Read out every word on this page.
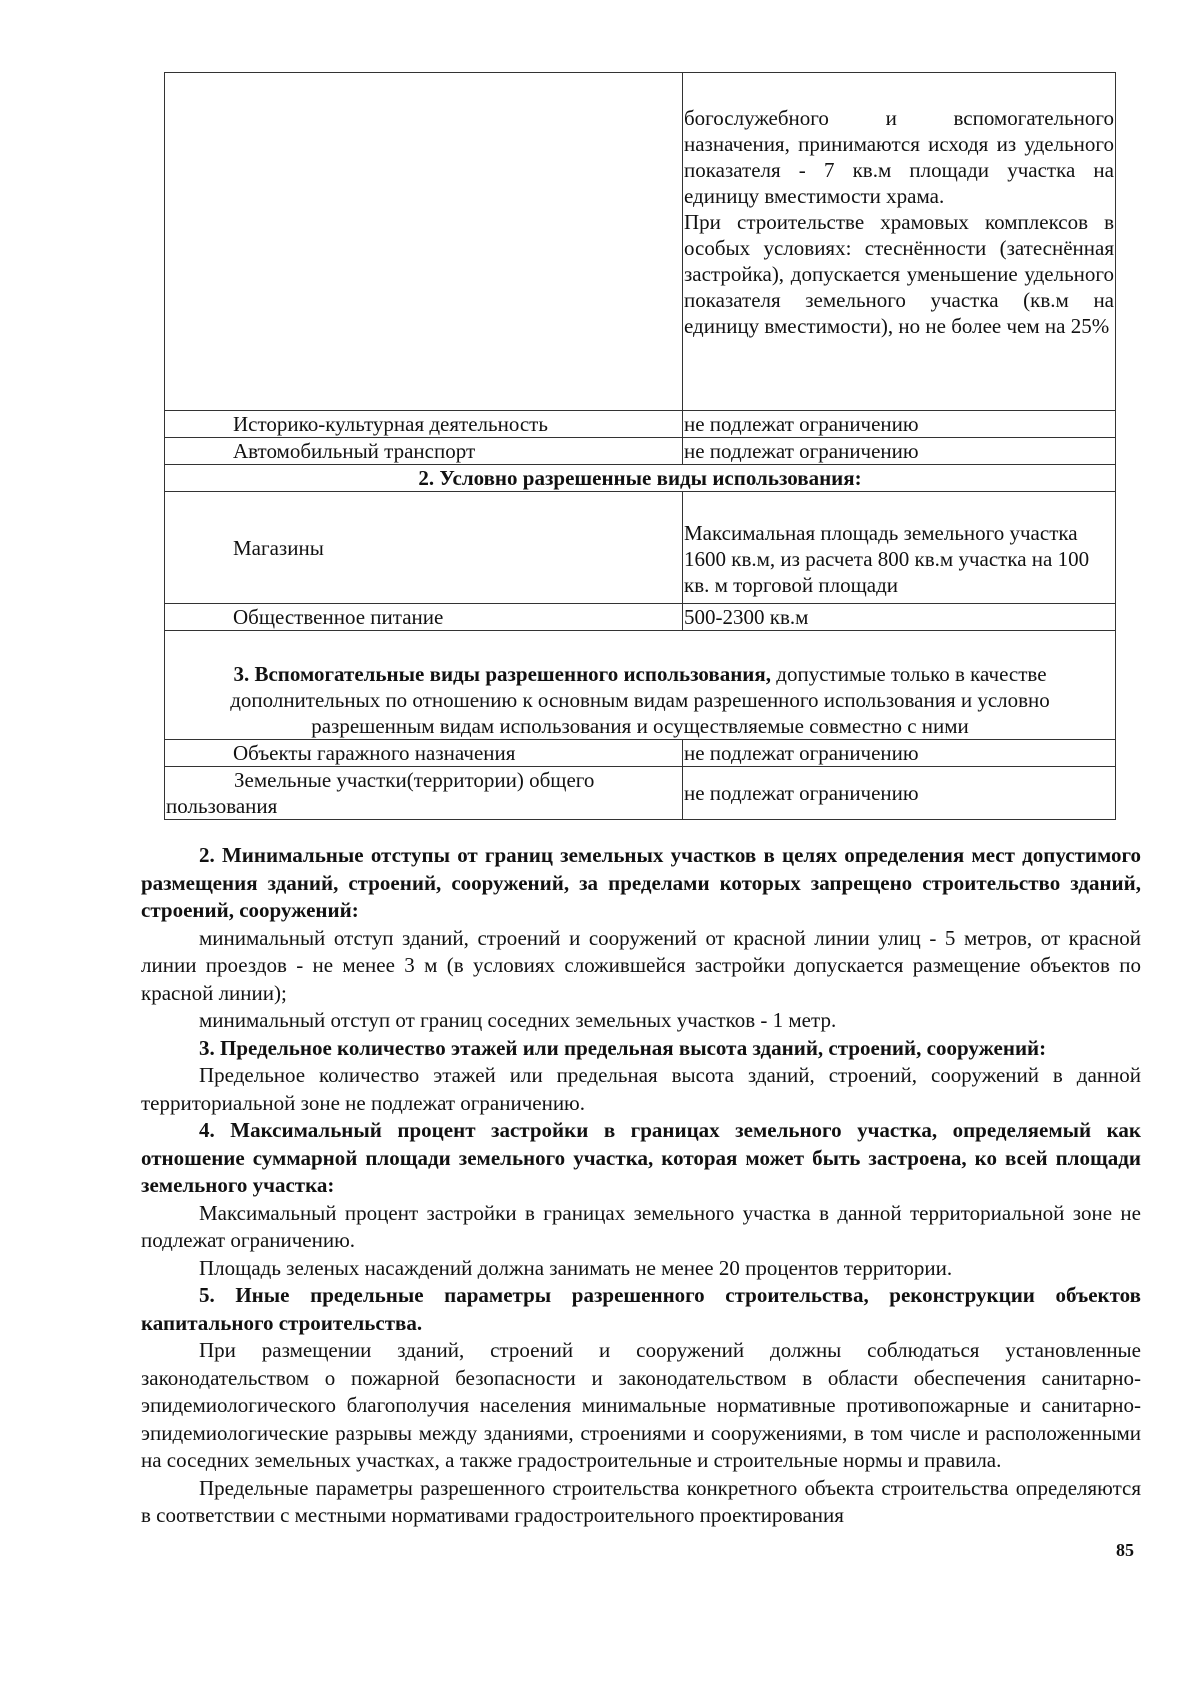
	богослужебного и вспомогательного назначения, принимаются исходя из удельного показателя - 7 кв.м площади участка на единицу вместимости храма.
При строительстве храмовых комплексов в особых условиях: стеснённости (затеснённая застройка), допускается уменьшение удельного показателя земельного участка (кв.м на единицу вместимости), но не более чем на 25%

Историко-культурная деятельность	не подлежат ограничению
Автомобильный транспорт	не подлежат ограничению
2. Условно разрешенные виды использования:	
Магазины	Максимальная площадь земельного участка 1600 кв.м, из расчета 800 кв.м участка на 100 кв. м торговой площади
Общественное питание	500-2300 кв.м
3. Вспомогательные виды разрешенного использования, допустимые только в качестве дополнительных по отношению к основным видам разрешенного использования и условно разрешенным видам использования и осуществляемые совместно с ними	
Объекты гаражного назначения	не подлежат ограничению

Земельные участки(территории) общего
пользования	не подлежат ограничению

2. Минимальные отступы от границ земельных участков в целях определения мест допустимого размещения зданий, строений, сооружений, за пределами которых запрещено строительство зданий, строений, сооружений:

минимальный отступ зданий, строений и сооружений от красной линии улиц - 5 метров, от красной линии проездов - не менее 3 м (в условиях сложившейся застройки допускается размещение объектов по красной линии);

минимальный отступ от границ соседних земельных участков - 1 метр.

3. Предельное количество этажей или предельная высота зданий, строений, сооружений:

Предельное количество этажей или предельная высота зданий, строений, сооружений в данной территориальной зоне не подлежат ограничению.

4. Максимальный процент застройки в границах земельного участка, определяемый как отношение суммарной площади земельного участка, которая может быть застроена, ко всей площади земельного участка:

Максимальный процент застройки в границах земельного участка в данной территориальной зоне не подлежат ограничению.

Площадь зеленых насаждений должна занимать не менее 20 процентов территории.

5. Иные предельные параметры разрешенного строительства, реконструкции объектов капитального строительства.

При размещении зданий, строений и сооружений должны соблюдаться установленные законодательством о пожарной безопасности и законодательством в области обеспечения санитарно-эпидемиологического благополучия населения минимальные нормативные противопожарные и санитарно-эпидемиологические разрывы между зданиями, строениями и сооружениями, в том числе и расположенными на соседних земельных участках, а также градостроительные и строительные нормы и правила.

Предельные параметры разрешенного строительства конкретного объекта строительства определяются в соответствии с местными нормативами градостроительного проектирования

85
